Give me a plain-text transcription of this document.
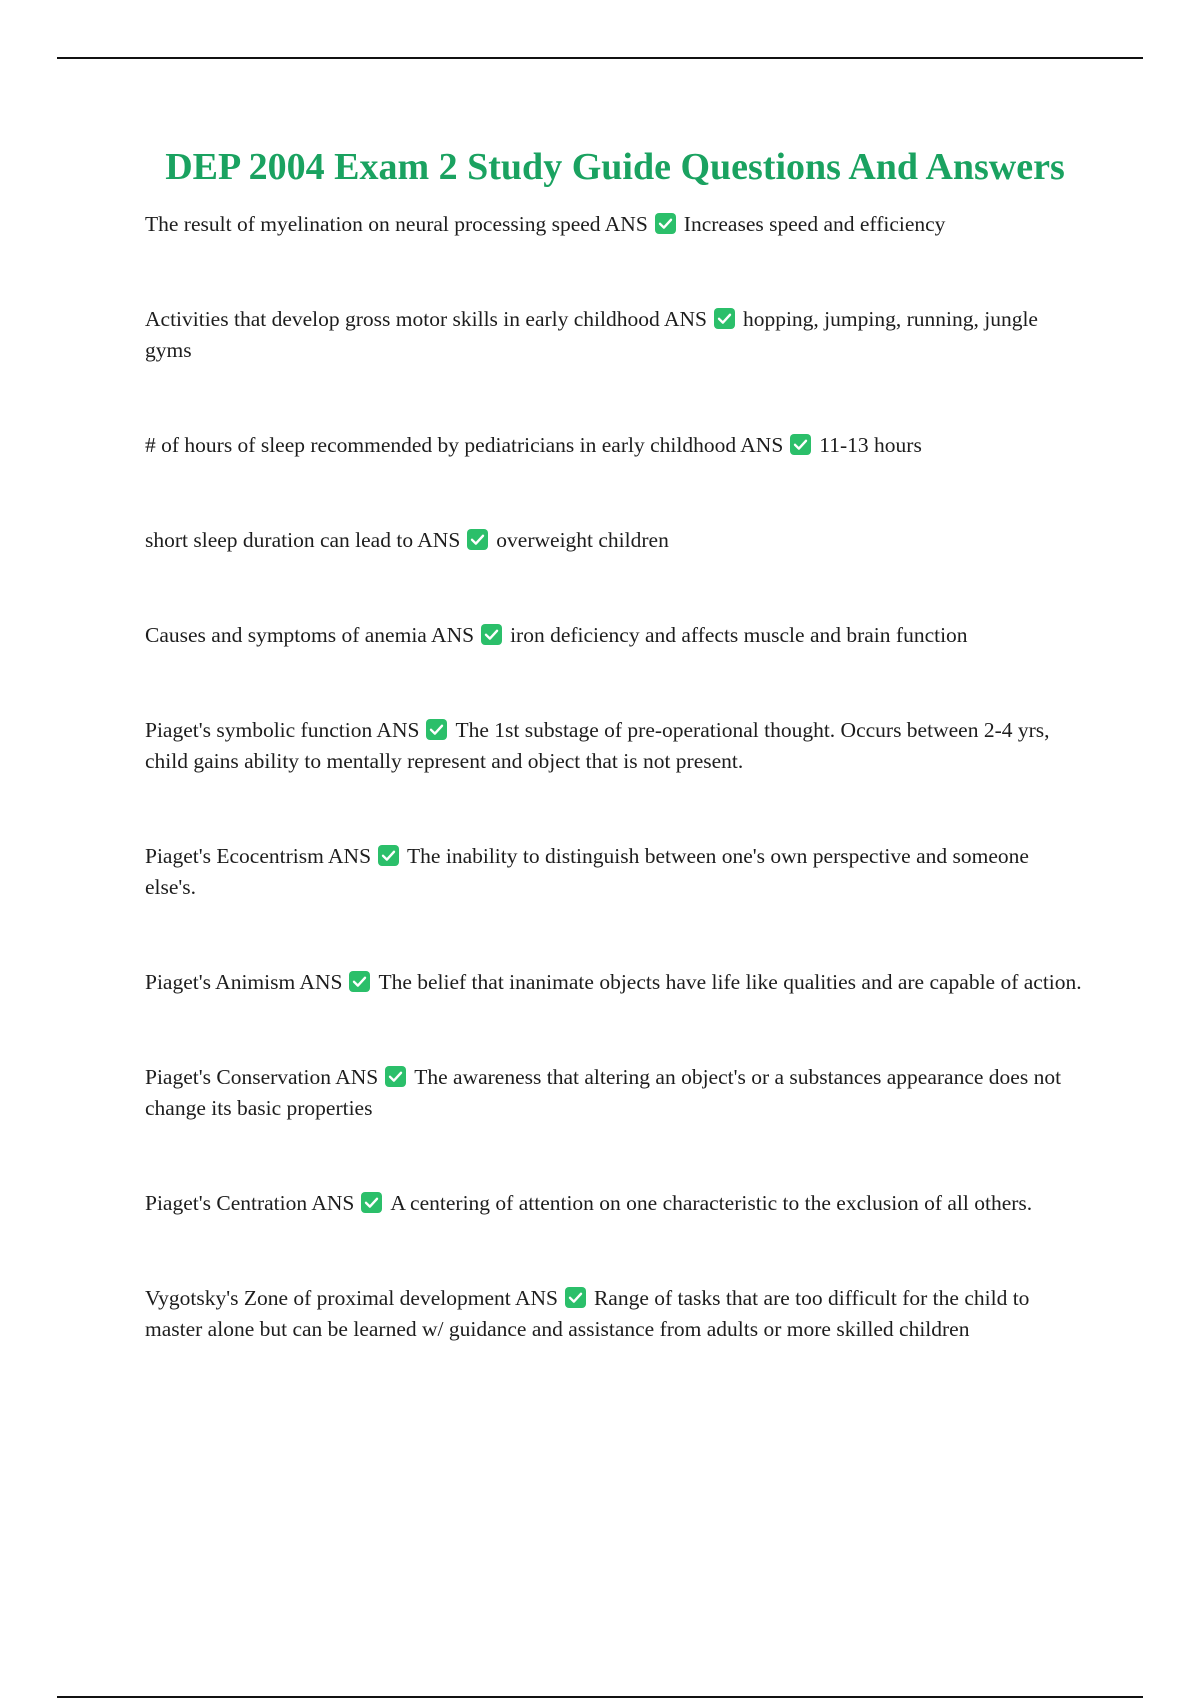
DEP 2004 Exam 2 Study Guide Questions And Answers

The result of myelination on neural processing speed ANS Increases speed and efficiency

Activities that develop gross motor skills in early childhood ANS hopping, jumping, running, jungle gyms

# of hours of sleep recommended by pediatricians in early childhood ANS 11-13 hours

short sleep duration can lead to ANS overweight children

Causes and symptoms of anemia ANS iron deficiency and affects muscle and brain function

Piaget's symbolic function ANS The 1st substage of pre-operational thought. Occurs between 2-4 yrs, child gains ability to mentally represent and object that is not present.

Piaget's Ecocentrism ANS The inability to distinguish between one's own perspective and someone else's.

Piaget's Animism ANS The belief that inanimate objects have life like qualities and are capable of action.

Piaget's Conservation ANS The awareness that altering an object's or a substances appearance does not change its basic properties

Piaget's Centration ANS A centering of attention on one characteristic to the exclusion of all others.

Vygotsky's Zone of proximal development ANS Range of tasks that are too difficult for the child to master alone but can be learned w/ guidance and assistance from adults or more skilled children
